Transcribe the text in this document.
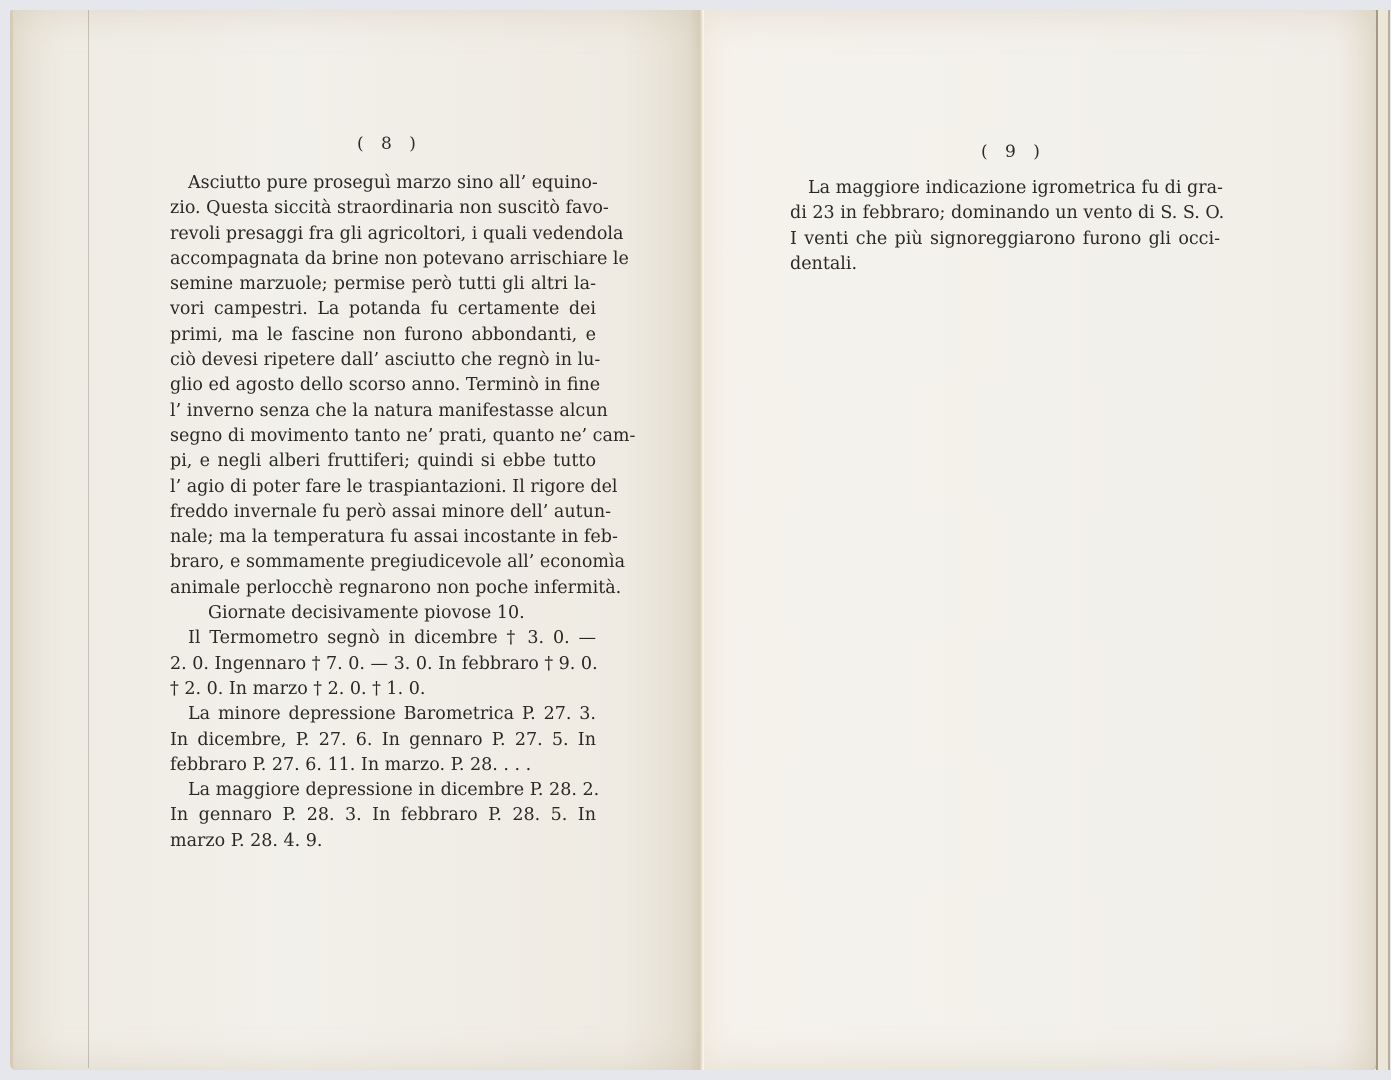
( 8 )

Asciutto pure proseguì marzo sino all’ equino-
zio. Questa siccità straordinaria non suscitò favo-
revoli presaggi fra gli agricoltori, i quali vedendola
accompagnata da brine non potevano arrischiare le
semine marzuole; permise però tutti gli altri la-
vori campestri. La potanda fu certamente dei
primi, ma le fascine non furono abbondanti, e
ciò devesi ripetere dall’ asciutto che regnò in lu-
glio ed agosto dello scorso anno. Terminò in fine
l’ inverno senza che la natura manifestasse alcun
segno di movimento tanto ne’ prati, quanto ne’ cam-
pi, e negli alberi fruttiferi; quindi si ebbe tutto
l’ agio di poter fare le traspiantazioni. Il rigore del
freddo invernale fu però assai minore dell’ autun-
nale; ma la temperatura fu assai incostante in feb-
braro, e sommamente pregiudicevole all’ economìa
animale perlocchè regnarono non poche infermità.

Giornate decisivamente piovose 10.

Il Termometro segnò in dicembre † 3. 0. —
2. 0. Ingennaro † 7. 0. — 3. 0. In febbraro † 9. 0.
† 2. 0. In marzo † 2. 0. † 1. 0.

La minore depressione Barometrica P. 27. 3.
In dicembre, P. 27. 6. In gennaro P. 27. 5. In
febbraro P. 27. 6. 11. In marzo. P. 28. . . .

La maggiore depressione in dicembre P. 28. 2.
In gennaro P. 28. 3. In febbraro P. 28. 5. In
marzo P. 28. 4. 9.

( 9 )

La maggiore indicazione igrometrica fu di gra-
di 23 in febbraro; dominando un vento di S. S. O.
I venti che più signoreggiarono furono gli occi-
dentali.
